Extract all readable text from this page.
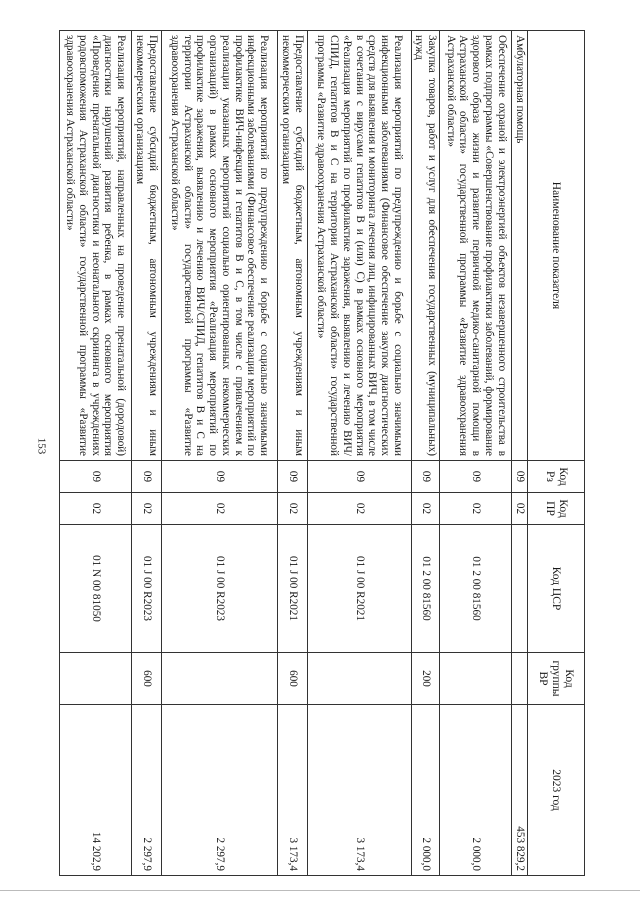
153
Наименование показателя	Код Рз	Код ПР	Код ЦСР	Код группы ВР	2023 год
Амбулаторная помощь	09	02			453 829,2
Обеспечение охраной и электроэнергией объектов незавершенного строительства в рамках подпрограммы «Совершенствование профилактики заболеваний, формирование здорового образа жизни и развитие первичной медико-санитарной помощи в Астраханской области» государственной программы «Развитие здравоохранения Астраханской области»	09	02	01 2 00 81560		2 000,0
Закупка товаров, работ и услуг для обеспечения государственных (муниципальных) нужд	09	02	01 2 00 81560	200	2 000,0
Реализация мероприятий по предупреждению и борьбе с социально значимыми инфекционными заболеваниями (Финансовое обеспечение закупок диагностических средств для выявления и мониторинга лечения лиц, инфицированных ВИЧ, в том числе в сочетании с вирусами гепатитов B и (или) C) в рамках основного мероприятия «Реализация мероприятий по профилактике заражения, выявлению и лечению ВИЧ/СПИД, гепатитов B и C на территории Астраханской области» государственной программы «Развитие здравоохранения Астраханской области»	09	02	01 J 00 R2021		3 173,4
Предоставление субсидий бюджетным, автономным учреждениям и иным некоммерческим организациям	09	02	01 J 00 R2021	600	3 173,4
Реализация мероприятий по предупреждению и борьбе с социально значимыми инфекционными заболеваниями (Финансовое обеспечение реализации мероприятий по профилактике ВИЧ-инфекции и гепатитов B и C, в том числе с привлечением к реализации указанных мероприятий социально ориентированных некоммерческих организаций) в рамках основного мероприятия «Реализация мероприятий по профилактике заражения, выявлению и лечению ВИЧ/СПИД, гепатитов B и C на территории Астраханской области» государственной программы «Развитие здравоохранения Астраханской области»	09	02	01 J 00 R2023		2 297,9
Предоставление субсидий бюджетным, автономным учреждениям и иным некоммерческим организациям	09	02	01 J 00 R2023	600	2 297,9
Реализация мероприятий, направленных на проведение пренатальной (дородовой) диагностики нарушений развития ребенка, в рамках основного мероприятия «Проведение пренатальной диагностики и неонатального скрининга в учреждениях родовспоможения Астраханской области» государственной программы «Развитие здравоохранения Астраханской области»	09	02	01 N 00 81050		14 202,9
